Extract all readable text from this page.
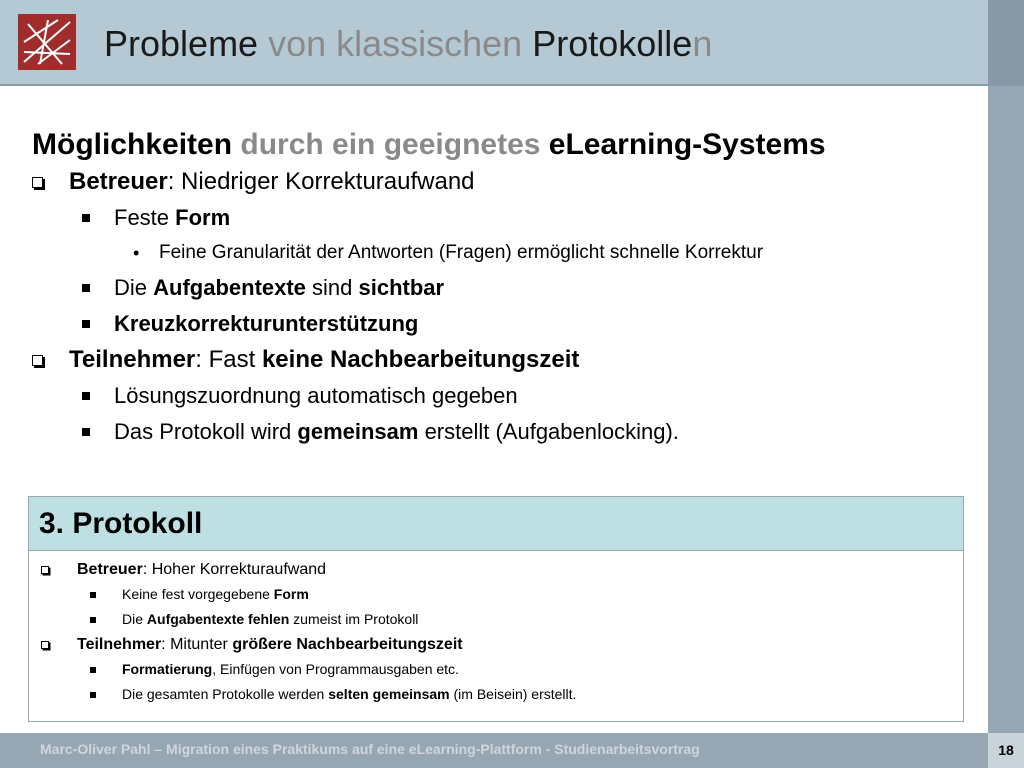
Probleme von klassischen Protokollen
Möglichkeiten durch ein geeignetes eLearning-Systems
Betreuer: Niedriger Korrekturaufwand
Feste Form
• Feine Granularität der Antworten (Fragen) ermöglicht schnelle Korrektur
Die Aufgabentexte sind sichtbar
Kreuzkorrekturunterstützung
Teilnehmer: Fast keine Nachbearbeitungszeit
Lösungszuordnung automatisch gegeben
Das Protokoll wird gemeinsam erstellt (Aufgabenlocking).
3. Protokoll
Betreuer: Hoher Korrekturaufwand
Keine fest vorgegebene Form
Die Aufgabentexte fehlen zumeist im Protokoll
Teilnehmer: Mitunter größere Nachbearbeitungszeit
Formatierung, Einfügen von Programmausgaben etc.
Die gesamten Protokolle werden selten gemeinsam (im Beisein) erstellt.
Marc-Oliver Pahl – Migration eines Praktikums auf eine eLearning-Plattform - Studienarbeitsvortrag	18
